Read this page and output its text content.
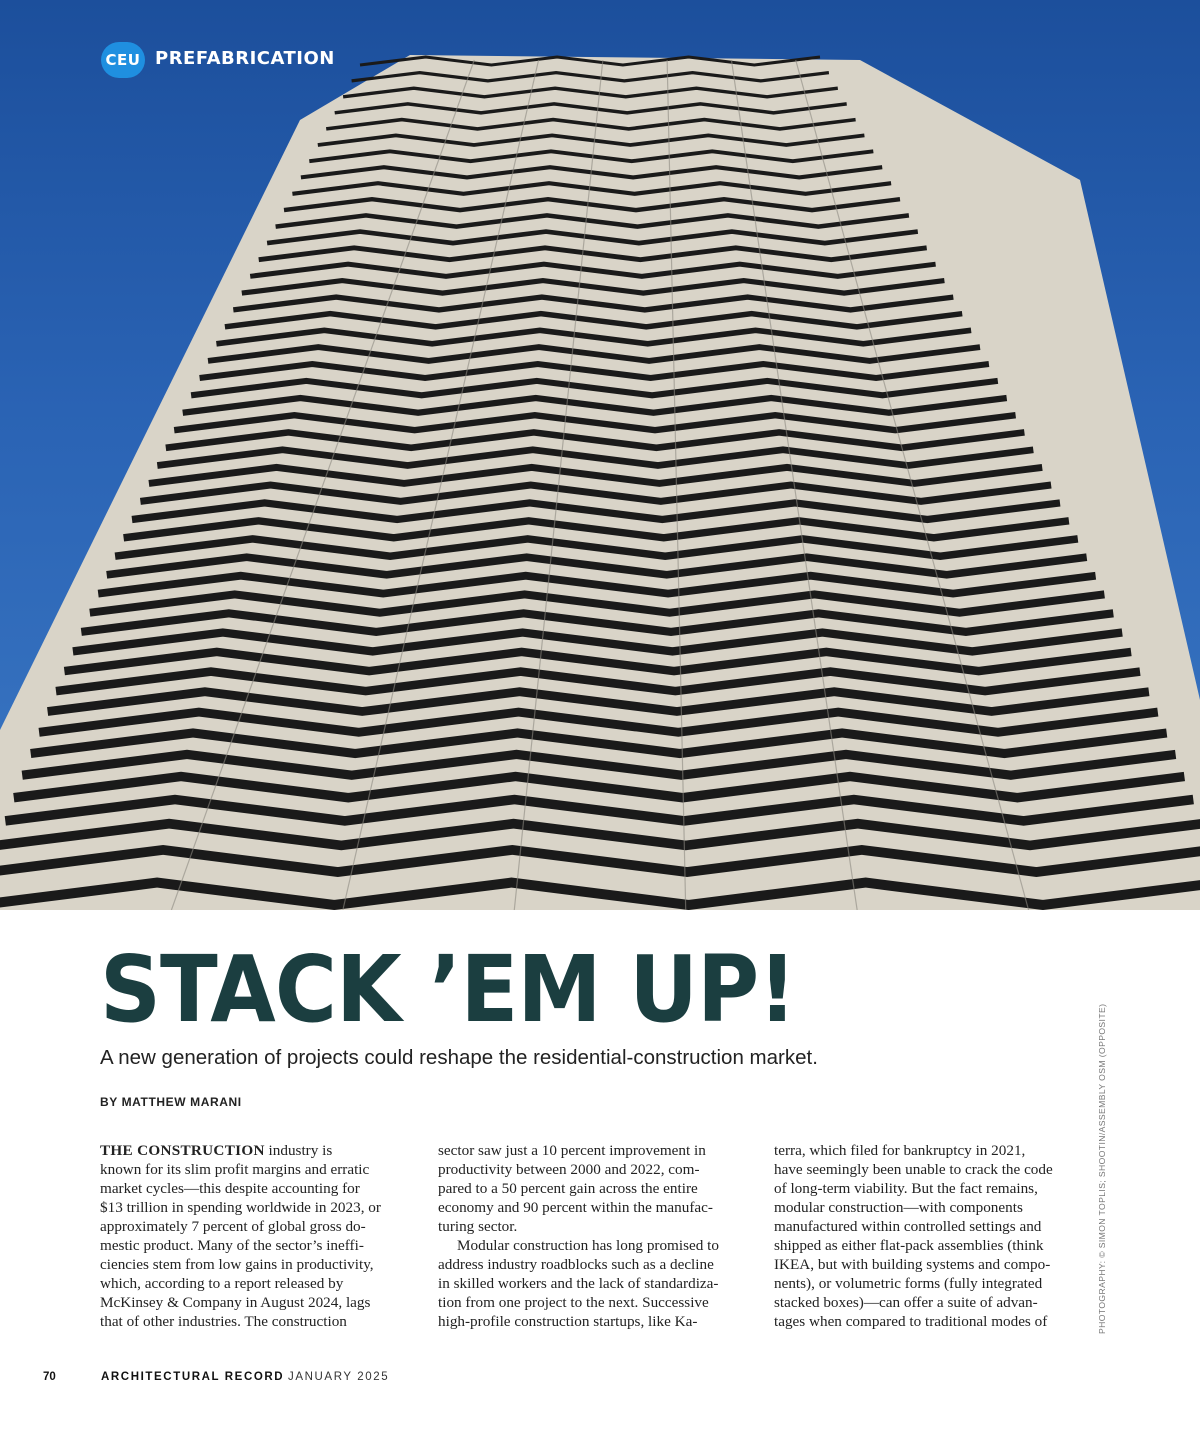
CEU PREFABRICATION
STACK ’EM UP!
A new generation of projects could reshape the residential-construction market.
BY MATTHEW MARANI
THE CONSTRUCTION industry is
known for its slim profit margins and erratic
market cycles—this despite accounting for
$13 trillion in spending worldwide in 2023, or
approximately 7 percent of global gross do-
mestic product. Many of the sector’s ineffi-
ciencies stem from low gains in productivity,
which, according to a report released by
McKinsey & Company in August 2024, lags
that of other industries. The construction
sector saw just a 10 percent improvement in
productivity between 2000 and 2022, com-
pared to a 50 percent gain across the entire
economy and 90 percent within the manufac-
turing sector.
Modular construction has long promised to
address industry roadblocks such as a decline
in skilled workers and the lack of standardiza-
tion from one project to the next. Successive
high-profile construction startups, like Ka-
terra, which filed for bankruptcy in 2021,
have seemingly been unable to crack the code
of long-term viability. But the fact remains,
modular construction—with components
manufactured within controlled settings and
shipped as either flat-pack assemblies (think
IKEA, but with building systems and compo-
nents), or volumetric forms (fully integrated
stacked boxes)—can offer a suite of advan-
tages when compared to traditional modes of	PHOTOGRAPHY: © SIMON TOPLIS; SHOOTIN/ASSEMBLY OSM (OPPOSITE)
70	ARCHITECTURAL RECORD JANUARY 2025
